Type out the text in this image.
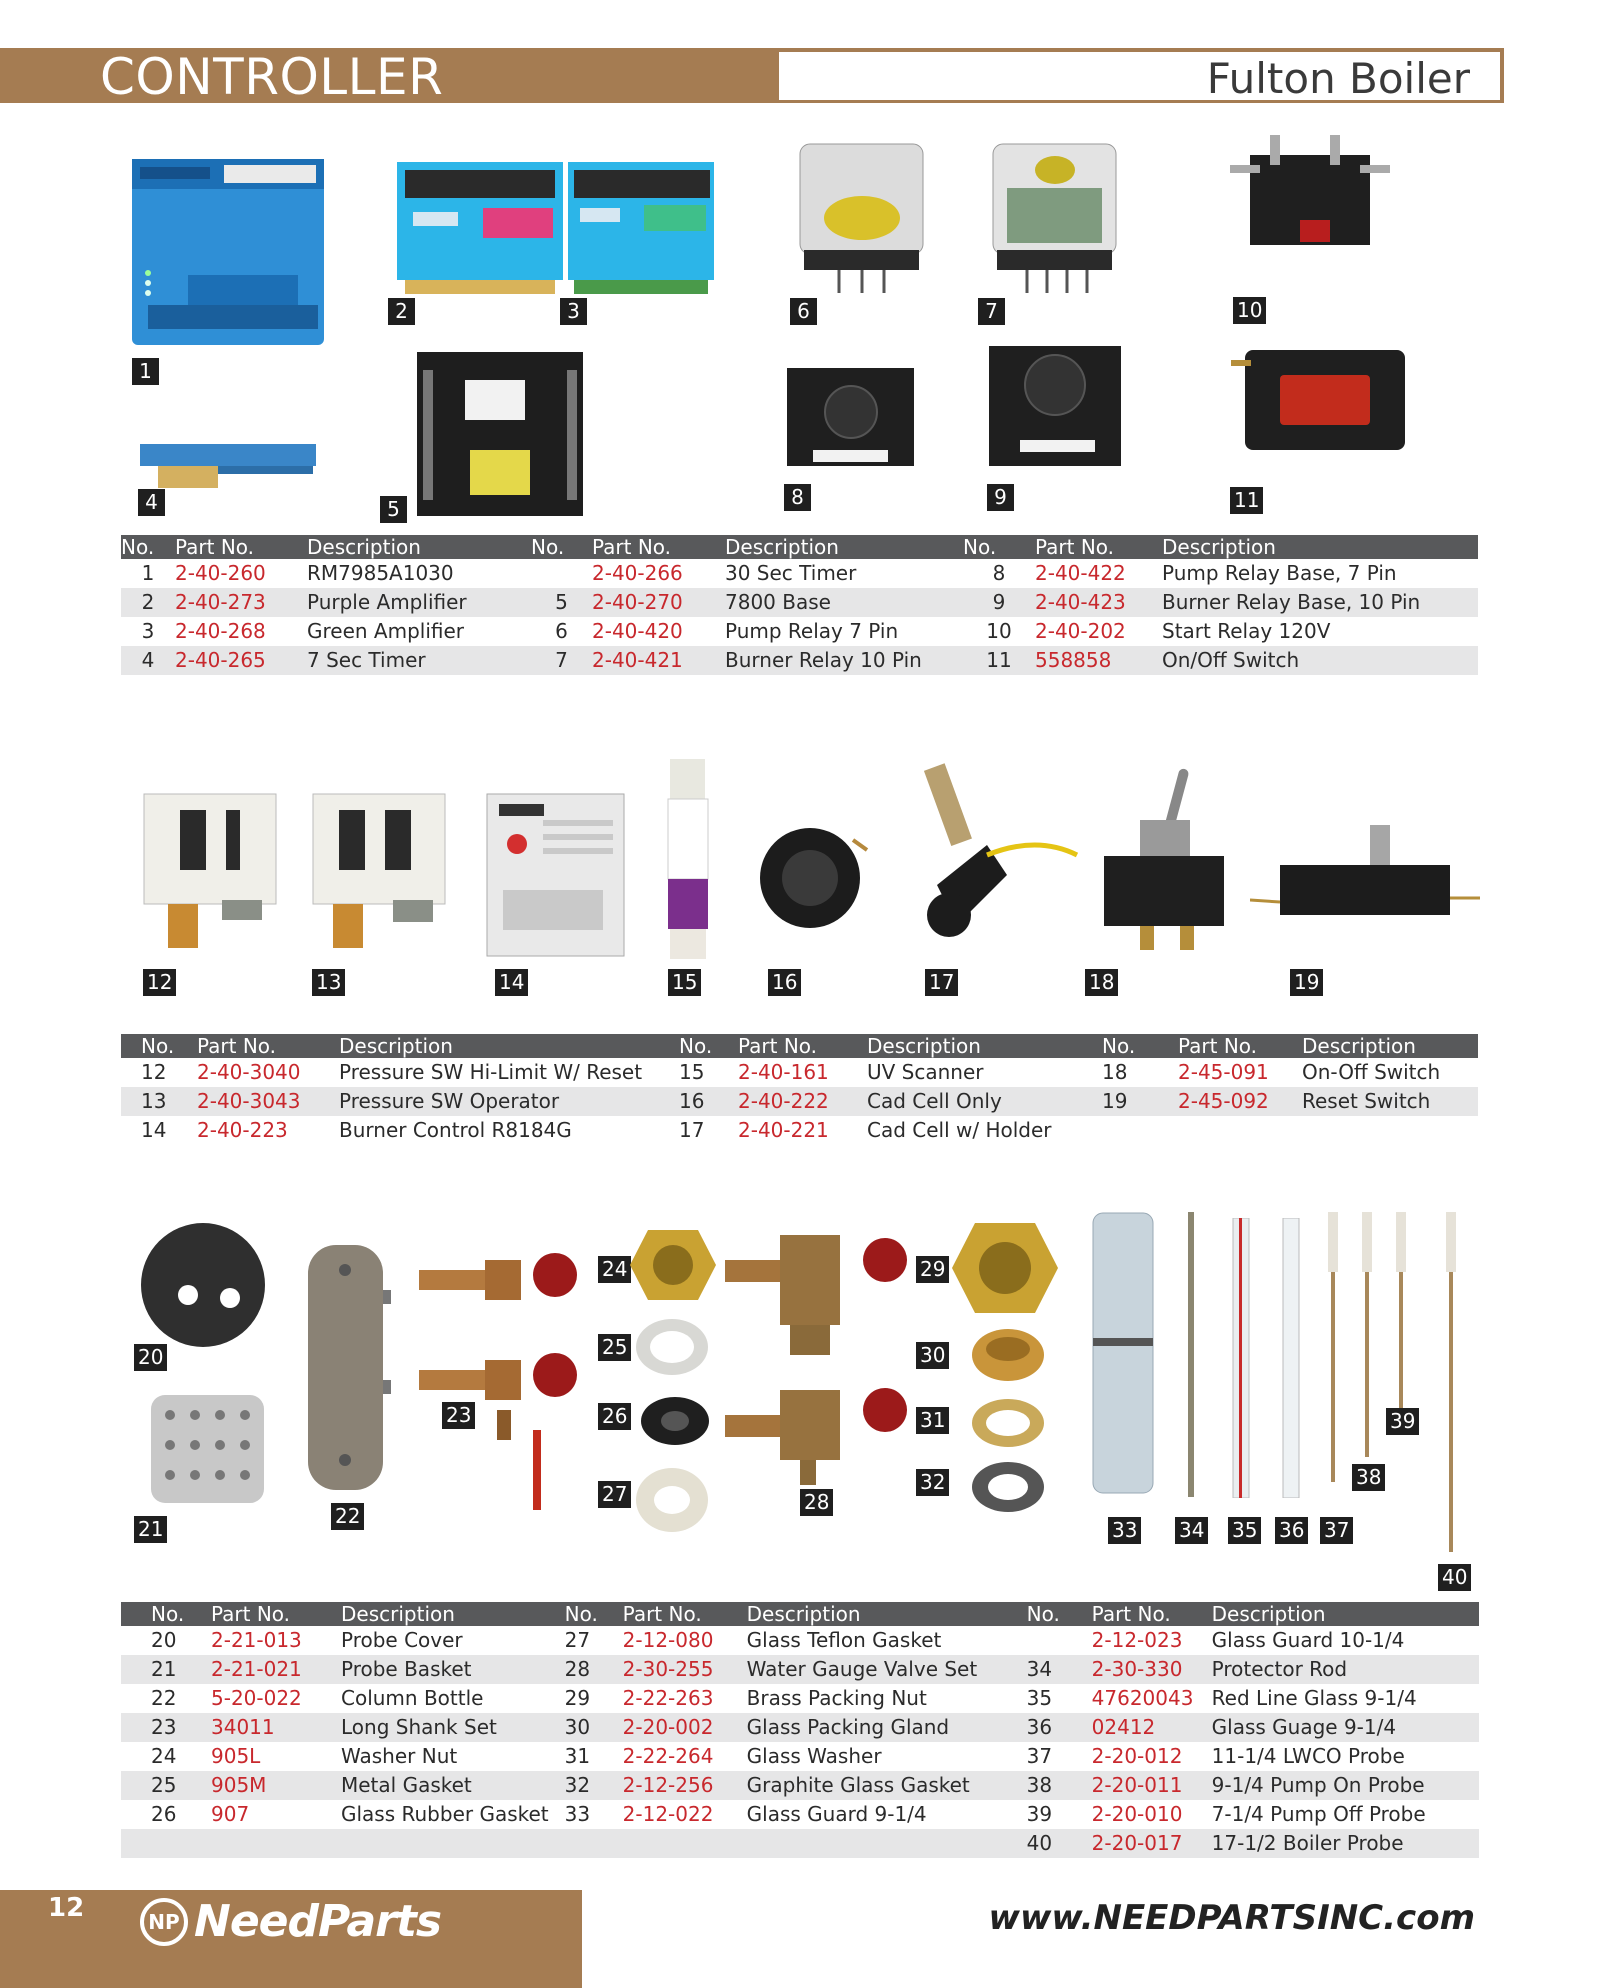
CONTROLLER	Fulton Boiler
1
2	3
4	5
6	7
8	9
10
11
No.	Part No.	Description	No.	Part No.	Description	No.	Part No.	Description
1	2-40-260	RM7985A1030		2-40-266	30 Sec Timer	8	2-40-422	Pump Relay Base, 7 Pin
2	2-40-273	Purple Amplifier	5	2-40-270	7800 Base	9	2-40-423	Burner Relay Base, 10 Pin
3	2-40-268	Green Amplifier	6	2-40-420	Pump Relay 7 Pin	10	2-40-202	Start Relay 120V
4	2-40-265	7 Sec Timer	7	2-40-421	Burner Relay 10 Pin	11	558858	On/Off Switch
12	13	14	15	16	17	18	19
No.	Part No.	Description	No.	Part No.	Description	No.	Part No.	Description
12	2-40-3040	Pressure SW Hi-Limit W/ Reset	15	2-40-161	UV Scanner	18	2-45-091	On-Off Switch
13	2-40-3043	Pressure SW Operator	16	2-40-222	Cad Cell Only	19	2-45-092	Reset Switch
14	2-40-223	Burner Control R8184G	17	2-40-221	Cad Cell w/ Holder			
20
21
22
23
24
25
26
27	28
29
30
31
32
33 34 35 36 37
38
39
40
No.	Part No.	Description	No.	Part No.	Description	No.	Part No.	Description
20	2-21-013	Probe Cover	27	2-12-080	Glass Teflon Gasket		2-12-023	Glass Guard 10-1/4
21	2-21-021	Probe Basket	28	2-30-255	Water Gauge Valve Set	34	2-30-330	Protector Rod
22	5-20-022	Column Bottle	29	2-22-263	Brass Packing Nut	35	47620043	Red Line Glass 9-1/4
23	34011	Long Shank Set	30	2-20-002	Glass Packing Gland	36	02412	Glass Guage 9-1/4
24	905L	Washer Nut	31	2-22-264	Glass Washer	37	2-20-012	11-1/4 LWCO Probe
25	905M	Metal Gasket	32	2-12-256	Graphite Glass Gasket	38	2-20-011	9-1/4 Pump On Probe
26	907	Glass Rubber Gasket	33	2-12-022	Glass Guard 9-1/4	39	2-20-010	7-1/4 Pump Off Probe
						40	2-20-017	17-1/2 Boiler Probe
12	NP NeedParts	www.NEEDPARTSINC.com
